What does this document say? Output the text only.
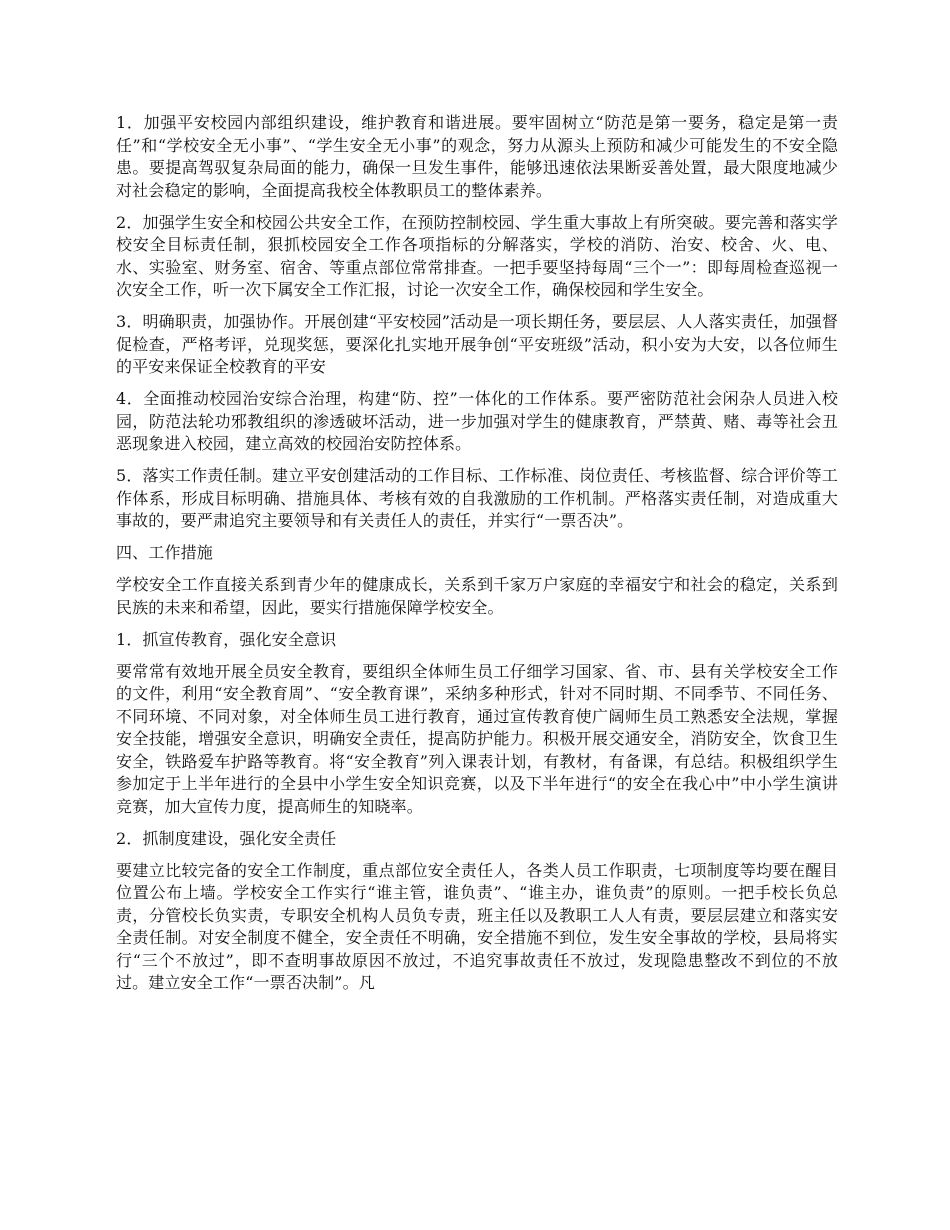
1．加强平安校园内部组织建设，维护教育和谐进展。要牢固树立“防范是第一要务，稳定是第一责任”和“学校安全无小事”、“学生安全无小事”的观念，努力从源头上预防和减少可能发生的不安全隐患。要提高驾驭复杂局面的能力，确保一旦发生事件，能够迅速依法果断妥善处置，最大限度地减少对社会稳定的影响，全面提高我校全体教职员工的整体素养。

2．加强学生安全和校园公共安全工作，在预防控制校园、学生重大事故上有所突破。要完善和落实学校安全目标责任制，狠抓校园安全工作各项指标的分解落实，学校的消防、治安、校舍、火、电、水、实验室、财务室、宿舍、等重点部位常常排查。一把手要坚持每周“三个一”：即每周检查巡视一次安全工作，听一次下属安全工作汇报，讨论一次安全工作，确保校园和学生安全。

3．明确职责，加强协作。开展创建“平安校园”活动是一项长期任务，要层层、人人落实责任，加强督促检查，严格考评，兑现奖惩，要深化扎实地开展争创“平安班级”活动，积小安为大安，以各位师生的平安来保证全校教育的平安

4．全面推动校园治安综合治理，构建“防、控”一体化的工作体系。要严密防范社会闲杂人员进入校园，防范法轮功邪教组织的渗透破坏活动，进一步加强对学生的健康教育，严禁黄、赌、毒等社会丑恶现象进入校园，建立高效的校园治安防控体系。

5．落实工作责任制。建立平安创建活动的工作目标、工作标准、岗位责任、考核监督、综合评价等工作体系，形成目标明确、措施具体、考核有效的自我激励的工作机制。严格落实责任制，对造成重大事故的，要严肃追究主要领导和有关责任人的责任，并实行“一票否决”。

四、工作措施

学校安全工作直接关系到青少年的健康成长，关系到千家万户家庭的幸福安宁和社会的稳定，关系到民族的未来和希望，因此，要实行措施保障学校安全。

1．抓宣传教育，强化安全意识

要常常有效地开展全员安全教育，要组织全体师生员工仔细学习国家、省、市、县有关学校安全工作的文件，利用“安全教育周”、“安全教育课”，采纳多种形式，针对不同时期、不同季节、不同任务、不同环境、不同对象，对全体师生员工进行教育，通过宣传教育使广阔师生员工熟悉安全法规，掌握安全技能，增强安全意识，明确安全责任，提高防护能力。积极开展交通安全，消防安全，饮食卫生安全，铁路爱车护路等教育。将“安全教育”列入课表计划，有教材，有备课，有总结。积极组织学生参加定于上半年进行的全县中小学生安全知识竞赛，以及下半年进行“的安全在我心中”中小学生演讲竞赛，加大宣传力度，提高师生的知晓率。

2．抓制度建设，强化安全责任

要建立比较完备的安全工作制度，重点部位安全责任人，各类人员工作职责，七项制度等均要在醒目位置公布上墙。学校安全工作实行“谁主管，谁负责”、“谁主办，谁负责”的原则。一把手校长负总责，分管校长负实责，专职安全机构人员负专责，班主任以及教职工人人有责，要层层建立和落实安全责任制。对安全制度不健全，安全责任不明确，安全措施不到位，发生安全事故的学校，县局将实行“三个不放过”，即不查明事故原因不放过，不追究事故责任不放过，发现隐患整改不到位的不放过。建立安全工作“一票否决制”。凡
